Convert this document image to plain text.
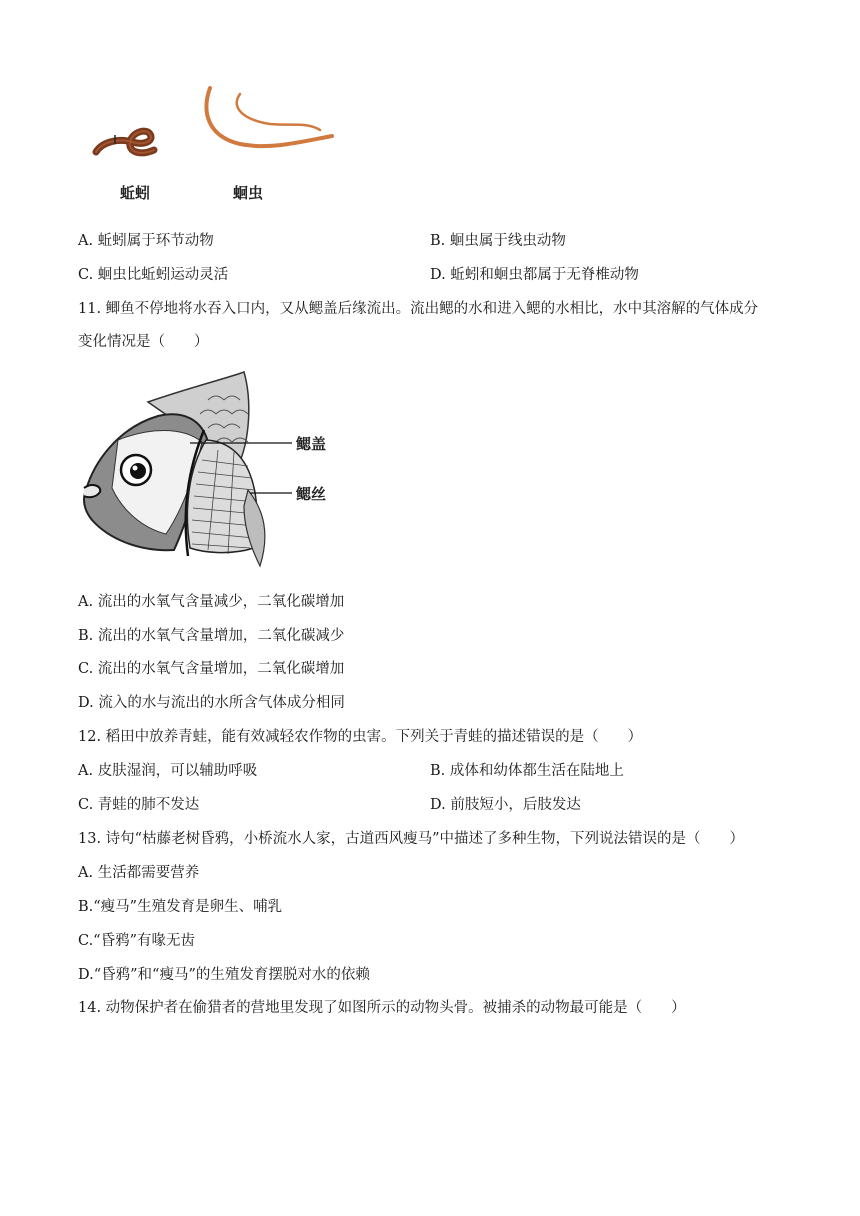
蚯蚓	蛔虫
A. 蚯蚓属于环节动物	B. 蛔虫属于线虫动物
C. 蛔虫比蚯蚓运动灵活	D. 蚯蚓和蛔虫都属于无脊椎动物
11. 鲫鱼不停地将水吞入口内，又从鳃盖后缘流出。流出鳃的水和进入鳃的水相比，水中其溶解的气体成分
变化情况是（　　）
鳃盖
鳃丝
A. 流出的水氧气含量减少，二氧化碳增加
B. 流出的水氧气含量增加，二氧化碳减少
C. 流出的水氧气含量增加，二氧化碳增加
D. 流入的水与流出的水所含气体成分相同
12. 稻田中放养青蛙，能有效减轻农作物的虫害。下列关于青蛙的描述错误的是（　　）
A. 皮肤湿润，可以辅助呼吸	B. 成体和幼体都生活在陆地上
C. 青蛙的肺不发达	D. 前肢短小，后肢发达
13. 诗句“枯藤老树昏鸦，小桥流水人家，古道西风瘦马”中描述了多种生物，下列说法错误的是（　　）
A. 生活都需要营养
B.“瘦马”生殖发育是卵生、哺乳
C.“昏鸦”有喙无齿
D.“昏鸦”和“瘦马”的生殖发育摆脱对水的依赖
14. 动物保护者在偷猎者的营地里发现了如图所示的动物头骨。被捕杀的动物最可能是（　　）
